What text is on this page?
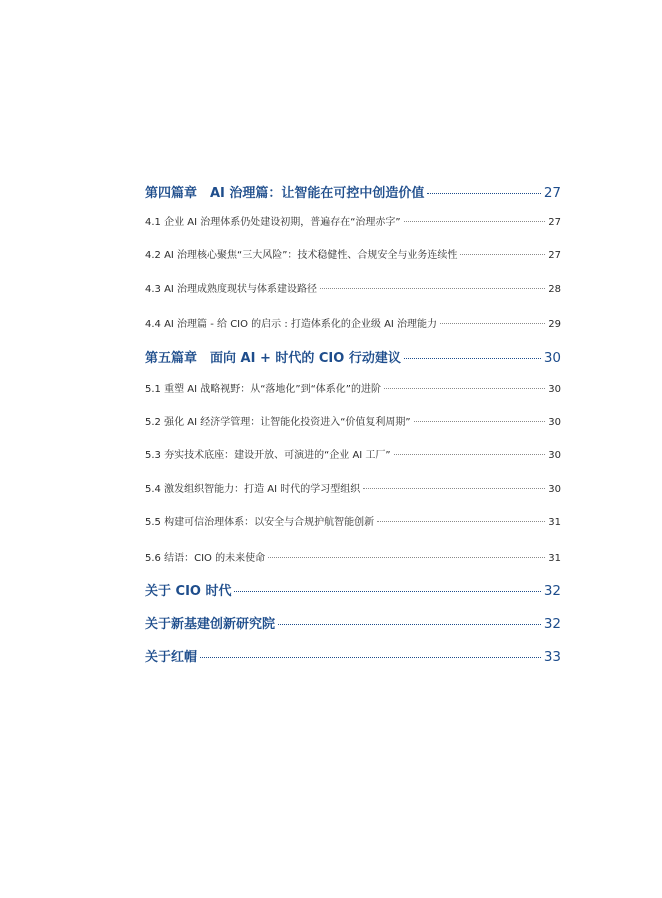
第四篇章　AI 治理篇：让智能在可控中创造价值	27
4.1 企业 AI 治理体系仍处建设初期，普遍存在“治理赤字”	27
4.2 AI 治理核心聚焦“三大风险”：技术稳健性、合规安全与业务连续性	27
4.3 AI 治理成熟度现状与体系建设路径	28
4.4 AI 治理篇 - 给 CIO 的启示 : 打造体系化的企业级 AI 治理能力	29
第五篇章　面向 AI + 时代的 CIO 行动建议	30
5.1 重塑 AI 战略视野：从“落地化”到“体系化”的进阶	30
5.2 强化 AI 经济学管理：让智能化投资进入“价值复利周期”	30
5.3 夯实技术底座：建设开放、可演进的“企业 AI 工厂”	30
5.4 激发组织智能力：打造 AI 时代的学习型组织	30
5.5 构建可信治理体系：以安全与合规护航智能创新	31
5.6 结语：CIO 的未来使命	31
关于 CIO 时代	32
关于新基建创新研究院	32
关于红帽	33
